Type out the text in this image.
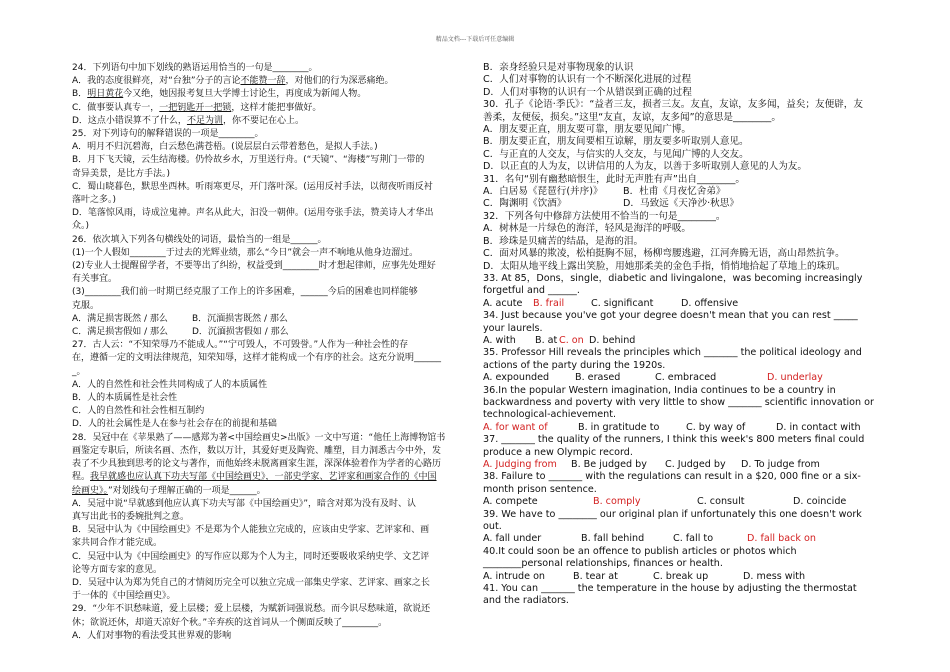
精品文档---下载后可任意编辑

24．下列语句中加下划线的熟语运用恰当的一句是________。

A．我的态度很鲜亮，对“台独”分子的言论不能赞一辞，对他们的行为深恶痛绝。

B．明日黄花今又绝，她因报考复旦大学博士讨论生，再度成为新闻人物。

C．做事要认真专一，一把钥匙开一把锁，这样才能把事做好。

D．这点小错误算不了什么，不足为训，你不要记在心上。

25．对下列诗句的解释错误的一项是________。

A．明月不归沉碧海，白云愁色满苍梧。(说层层白云带着愁色，是拟人手法。)

B．月下飞天镜，云生结海楼。仍怜故乡水，万里送行舟。(“天镜”、“海楼”写荆门一带的

奇异美景，是比方手法。)

C．蜀山晓暮色，默思坐西林。听雨寒更尽，开门落叶深。(运用反衬手法，以彻夜听雨反衬

落叶之多。)

D．笔落惊风雨，诗成泣鬼神。声名从此大，汩没一朝伸。(运用夸张手法，赞美诗人才华出

众。)

26．依次填入下列各句横线处的词语，最恰当的一组是______。

(1)一个人假如________于过去的光辉业绩，那么“今日”就会一声不响地从他身边溜过。

(2)专业人士提醒留学者，不要等出了纠纷，权益受到________时才想起律师，应事先处理好

有关事宜。

(3)________我们前一时期已经克服了工作上的许多困难，______今后的困难也同样能够

克服。

A．满足损害既然 / 那么	B．沉湎损害既然 / 那么

C．满足损害假如 / 那么	D．沉湎损害假如 / 那么

27．古人云：“不知荣辱乃不能成人。”“宁可毁人，不可毁誉。”人作为一种社会性的存

在，遵循一定的文明法律规范，知荣知辱，这样才能构成一个有序的社会。这充分说明______

_。

A．人的自然性和社会性共同构成了人的本质属性

B．人的本质属性是社会性

C．人的自然性和社会性相互制约

D．人的社会属性是人在参与社会存在的前提和基础

28．吴冠中在《苹果熟了——感郑为著<中国绘画史>出版》一文中写道：“他任上海博物馆书

画鉴定专职后，所读名画、杰作，数以万计，其爱好更及陶瓷、雕塑，目力洞悉古今中外，发

表了不少具独到思考的论文与著作，而他始终未脱离画家生涯，深深体验着作为学者的心路历

程。我早就感也应认真下功夫写部《中国绘画史》，一部史学家、艺评家和画家合作的《中国

绘画史》。”对划线句子理解正确的一项是______。

A．吴冠中说“早就感到他应认真下功夫写部《中国绘画史》”，暗含对郑为没有及时、认

真写出此书的委婉批判之意。

B．吴冠中认为《中国绘画史》不是郑为个人能独立完成的，应该由史学家、艺评家和、画

家共同合作才能完成。

C．吴冠中认为《中国绘画史》的写作应以郑为个人为主，同时还要吸收采纳史学、文艺评

论等方面专家的意见。

D．吴冠中认为郑为凭自己的才情阅历完全可以独立完成一部集史学家、艺评家、画家之长

于一体的《中国绘画史》。

29．“少年不识愁味道，爱上层楼；爱上层楼，为赋新词强说愁。而今识尽愁味道，欲说还

休；欲说还休，却道天凉好个秋。”辛弃疾的这首词从一个侧面反映了________。

A．人们对事物的看法受其世界观的影响

B．亲身经验只是对事物现象的认识

C．人们对事物的认识有一个不断深化进展的过程

D．人们对事物的认识有一个从错误到正确的过程

30．孔子《论语·季氏》：“益者三友，损者三友。友直，友谅，友多闻，益矣；友便辟，友

善柔，友便佞，损矣。”这里“友直，友谅，友多闻”的意思是________。

A．朋友要正直，朋友要可靠，朋友要见闻广博。

B．朋友要正直，朋友间要相互谅解，朋友要多听取别人意见。

C．与正直的人交友，与信实的人交友，与见闻广博的人交友。

D．以正直的人为友，以讲信用的人为友，以善于多听取别人意见的人为友。

31．名句“别有幽愁暗恨生，此时无声胜有声”出自________。

A．白居易《琵琶行(并序)》 B．杜甫《月夜忆舍弟》

C．陶渊明《饮酒》	D．马致远《天净沙·秋思》

32．下列各句中修辞方法使用不恰当的一句是________。

A．树林是一片绿色的海洋，轻风是海洋的呼吸。

B．珍珠是贝痛苦的结晶，是海的泪。

C．面对风暴的欺凌，松柏挺胸不屈，杨柳弯腰逃避，江河奔腾无语，高山昂然抗争。

D．太阳从地平线上露出笑脸，用她那柔美的金色手指，悄悄地拾起了草地上的珠玑。

33. At 85，Dons，single，diabetic and livingalone，was becoming increasingly

forgetful and ______.

A. acute B. frail	C. significant	D. offensive

34. Just because you've got your degree doesn't mean that you can rest _____

your laurels.

A. with B. at C. on D. behind

35. Professor Hill reveals the principles which _______ the political ideology and

actions of the party during the 1920s.

A. expounded	B. erased	C. embraced	D. underlay

36.In the popular Western imagination, India continues to be a country in

backwardness and poverty with very little to show _______ scientific innovation or

technological-achievement.

A. for want of	B. in gratitude to	C. by way of	D. in contact with

37. _______ the quality of the runners, I think this week's 800 meters final could

produce a new Olympic record.

A. Judging from B. Be judged by C. Judged by D. To judge from

38. Failure to _______ with the regulations can result in a $20, 000 fine or a six-

month prison sentence.

A. compete	B. comply	C. consult	D. coincide

39. We have to ________ our original plan if unfortunately this one doesn't work

out.

A. fall under	B. fall behind	C. fall to	D. fall back on

40.It could soon be an offence to publish articles or photos which

________personal relationships, finances or health.

A. intrude on	B. tear at	C. break up	D. mess with

41. You can _______ the temperature in the house by adjusting the thermostat

and the radiators.
